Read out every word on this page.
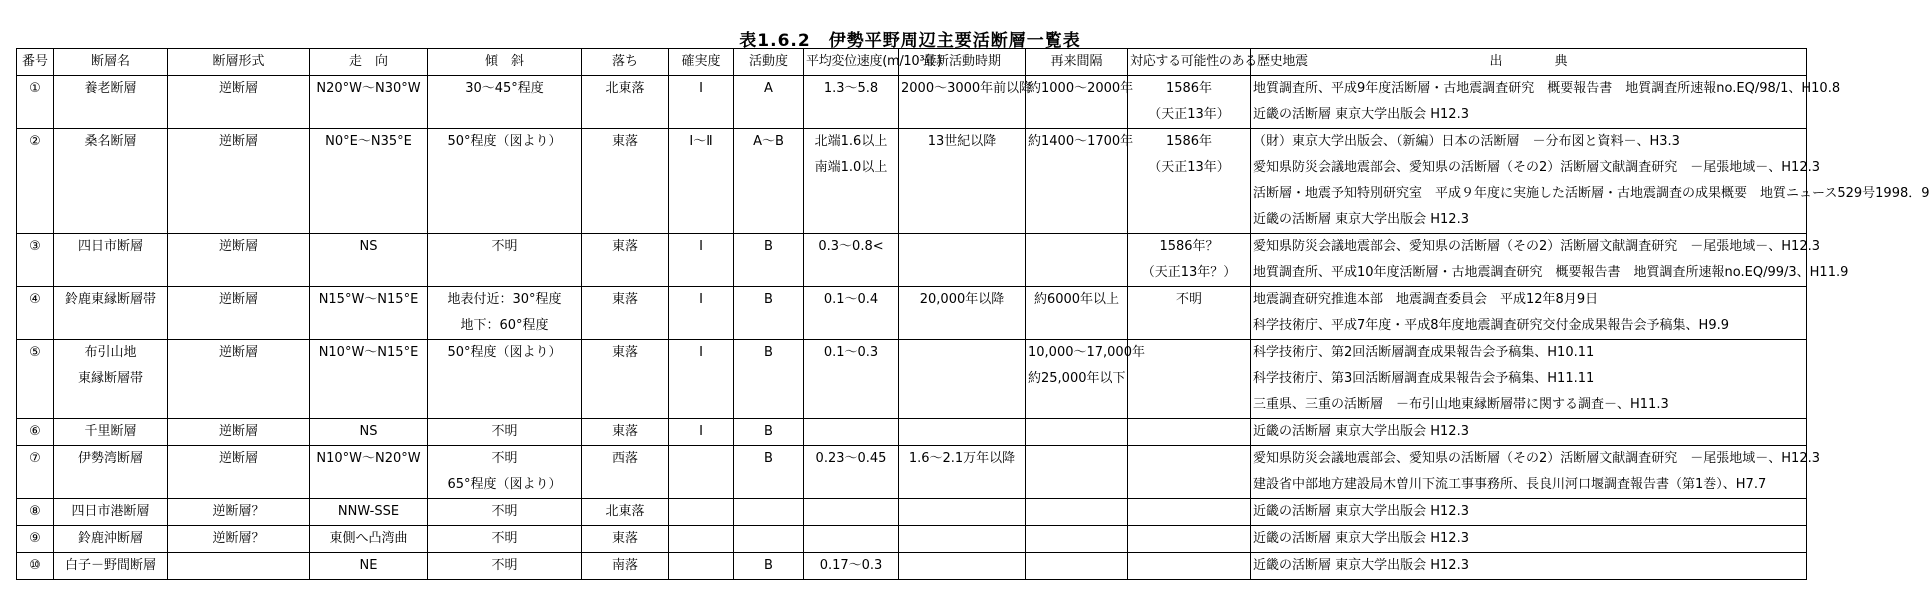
表1.6.2　伊勢平野周辺主要活断層一覧表
番号	断層名	断層形式	走　向	傾　斜	落ち	確実度	活動度	平均変位速度(m/10³年)	最新活動時期	再来間隔	対応する可能性のある歴史地震	出　　　　典
①	養老断層	逆断層	N20°W～N30°W	30～45°程度	北東落	Ⅰ	A	1.3～5.8	2000～3000年前以降	約1000～2000年	1586年
（天正13年）	地質調査所、平成9年度活断層・古地震調査研究　概要報告書　地質調査所速報no.EQ/98/1、H10.8
近畿の活断層 東京大学出版会 H12.3

②	桑名断層	逆断層	N0°E～N35°E	50°程度（図より）	東落	Ⅰ～Ⅱ	A～B	北端1.6以上
南端1.0以上	13世紀以降	約1400～1700年	1586年
（天正13年）	（財）東京大学出版会、（新編）日本の活断層　－分布図と資料－、H3.3
愛知県防災会議地震部会、愛知県の活断層（その2）活断層文献調査研究　－尾張地域－、H12.3
活断層・地震予知特別研究室　平成９年度に実施した活断層・古地震調査の成果概要　地質ニュース529号1998．9
近畿の活断層 東京大学出版会 H12.3

③	四日市断層	逆断層	NS	不明	東落	Ⅰ	B	0.3～0.8<			1586年？
（天正13年？）	愛知県防災会議地震部会、愛知県の活断層（その2）活断層文献調査研究　－尾張地域－、H12.3
地質調査所、平成10年度活断層・古地震調査研究　概要報告書　地質調査所速報no.EQ/99/3、H11.9

④	鈴鹿東縁断層帯	逆断層	N15°W～N15°E	地表付近：30°程度
地下：60°程度	東落	Ⅰ	B	0.1～0.4	20,000年以降	約6000年以上	不明	地震調査研究推進本部　地震調査委員会　平成12年8月9日
科学技術庁、平成7年度・平成8年度地震調査研究交付金成果報告会予稿集、H9.9

⑤	布引山地
東縁断層帯	逆断層	N10°W～N15°E	50°程度（図より）	東落	Ⅰ	B	0.1～0.3		10,000～17,000年
約25,000年以下		科学技術庁、第2回活断層調査成果報告会予稿集、H10.11
科学技術庁、第3回活断層調査成果報告会予稿集、H11.11
三重県、三重の活断層　－布引山地東縁断層帯に関する調査－、H11.3

⑥	千里断層	逆断層	NS	不明	東落	Ⅰ	B					近畿の活断層 東京大学出版会 H12.3

⑦	伊勢湾断層	逆断層	N10°W～N20°W	不明
65°程度（図より）	西落		B	0.23～0.45	1.6～2.1万年以降			愛知県防災会議地震部会、愛知県の活断層（その2）活断層文献調査研究　－尾張地域－、H12.3
建設省中部地方建設局木曽川下流工事事務所、長良川河口堰調査報告書（第1巻）、H7.7

⑧	四日市港断層	逆断層？	NNW-SSE	不明	北東落							近畿の活断層 東京大学出版会 H12.3

⑨	鈴鹿沖断層	逆断層？	東側へ凸湾曲	不明	東落							近畿の活断層 東京大学出版会 H12.3

⑩	白子－野間断層		NE	不明	南落		B	0.17～0.3				近畿の活断層 東京大学出版会 H12.3
